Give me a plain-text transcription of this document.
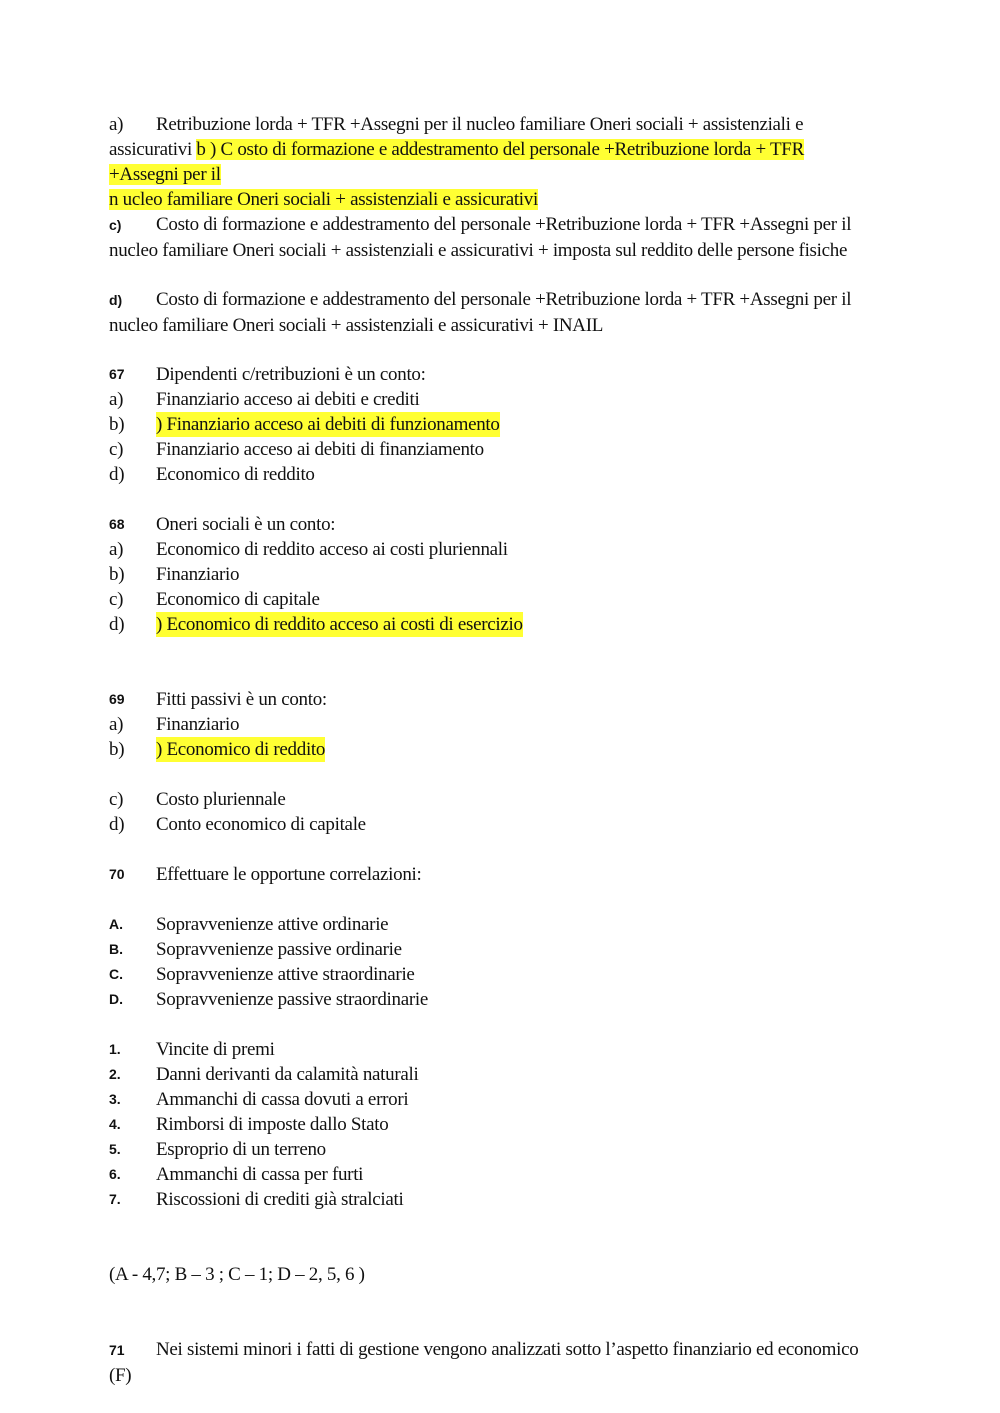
a) Retribuzione lorda + TFR +Assegni per il nucleo familiare Oneri sociali + assistenziali e
assicurativi b ) C osto di formazione e addestramento del personale +Retribuzione lorda + TFR
+Assegni per il
n ucleo familiare Oneri sociali + assistenziali e assicurativi
c) Costo di formazione e addestramento del personale +Retribuzione lorda + TFR +Assegni per il nucleo familiare Oneri sociali + assistenziali e assicurativi + imposta sul reddito delle persone fisiche
d) Costo di formazione e addestramento del personale +Retribuzione lorda + TFR +Assegni per il nucleo familiare Oneri sociali + assistenziali e assicurativi + INAIL
67	Dipendenti c/retribuzioni è un conto:
a)	Finanziario acceso ai debiti e crediti
b)	) Finanziario acceso ai debiti di funzionamento
c)	Finanziario acceso ai debiti di finanziamento
d)	Economico di reddito
68	Oneri sociali è un conto:
a)	Economico di reddito acceso ai costi pluriennali
b)	Finanziario
c)	Economico di capitale
d)	) Economico di reddito acceso ai costi di esercizio
69	Fitti passivi è un conto:
a)	Finanziario
b)	) Economico di reddito
c)	Costo pluriennale
d)	Conto economico di capitale
70	Effettuare le opportune correlazioni:
A.	Sopravvenienze attive ordinarie
B.	Sopravvenienze passive ordinarie
C.	Sopravvenienze attive straordinarie
D.	Sopravvenienze passive straordinarie
1.	Vincite di premi
2.	Danni derivanti da calamità naturali
3.	Ammanchi di cassa dovuti a errori
4.	Rimborsi di imposte dallo Stato
5.	Esproprio di un terreno
6.	Ammanchi di cassa per furti
7.	Riscossioni di crediti già stralciati
(A - 4,7; B – 3 ; C – 1; D – 2, 5, 6 )
71 Nei sistemi minori i fatti di gestione vengono analizzati sotto l’aspetto finanziario ed economico (F)
